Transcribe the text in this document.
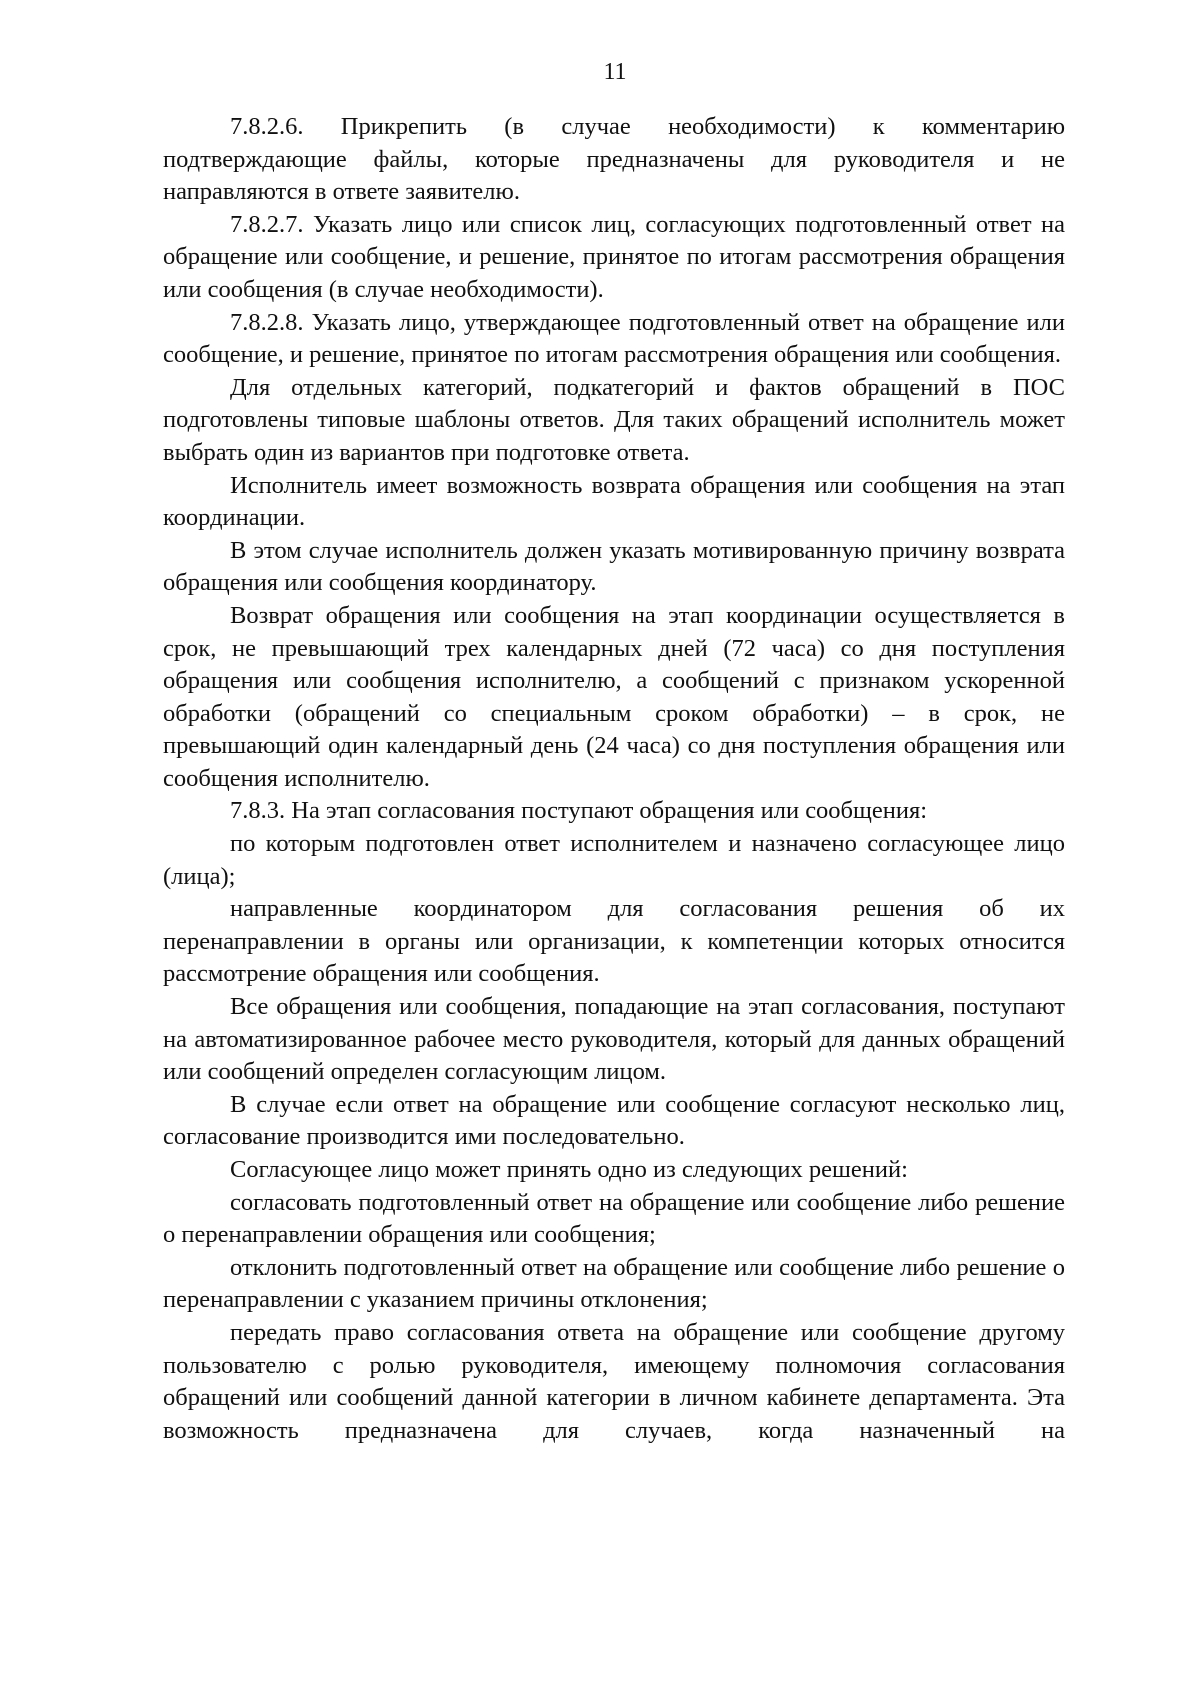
11

7.8.2.6. Прикрепить (в случае необходимости) к комментарию подтверждающие файлы, которые предназначены для руководителя и не направляются в ответе заявителю.

7.8.2.7. Указать лицо или список лиц, согласующих подготовленный ответ на обращение или сообщение, и решение, принятое по итогам рассмотрения обращения или сообщения (в случае необходимости).

7.8.2.8. Указать лицо, утверждающее подготовленный ответ на обращение или сообщение, и решение, принятое по итогам рассмотрения обращения или сообщения.

Для отдельных категорий, подкатегорий и фактов обращений в ПОС подготовлены типовые шаблоны ответов. Для таких обращений исполнитель может выбрать один из вариантов при подготовке ответа.

Исполнитель имеет возможность возврата обращения или сообщения на этап координации.

В этом случае исполнитель должен указать мотивированную причину возврата обращения или сообщения координатору.

Возврат обращения или сообщения на этап координации осуществляется в срок, не превышающий трех календарных дней (72 часа) со дня поступления обращения или сообщения исполнителю, а сообщений с признаком ускоренной обработки (обращений со специальным сроком обработки) – в срок, не превышающий один календарный день (24 часа) со дня поступления обращения или сообщения исполнителю.

7.8.3. На этап согласования поступают обращения или сообщения:

по которым подготовлен ответ исполнителем и назначено согласующее лицо (лица);

направленные координатором для согласования решения об их перенаправлении в органы или организации, к компетенции которых относится рассмотрение обращения или сообщения.

Все обращения или сообщения, попадающие на этап согласования, поступают на автоматизированное рабочее место руководителя, который для данных обращений или сообщений определен согласующим лицом.

В случае если ответ на обращение или сообщение согласуют несколько лиц, согласование производится ими последовательно.

Согласующее лицо может принять одно из следующих решений:

согласовать подготовленный ответ на обращение или сообщение либо решение о перенаправлении обращения или сообщения;

отклонить подготовленный ответ на обращение или сообщение либо решение о перенаправлении с указанием причины отклонения;

передать право согласования ответа на обращение или сообщение другому пользователю с ролью руководителя, имеющему полномочия согласования обращений или сообщений данной категории в личном кабинете департамента. Эта возможность предназначена для случаев, когда назначенный на
